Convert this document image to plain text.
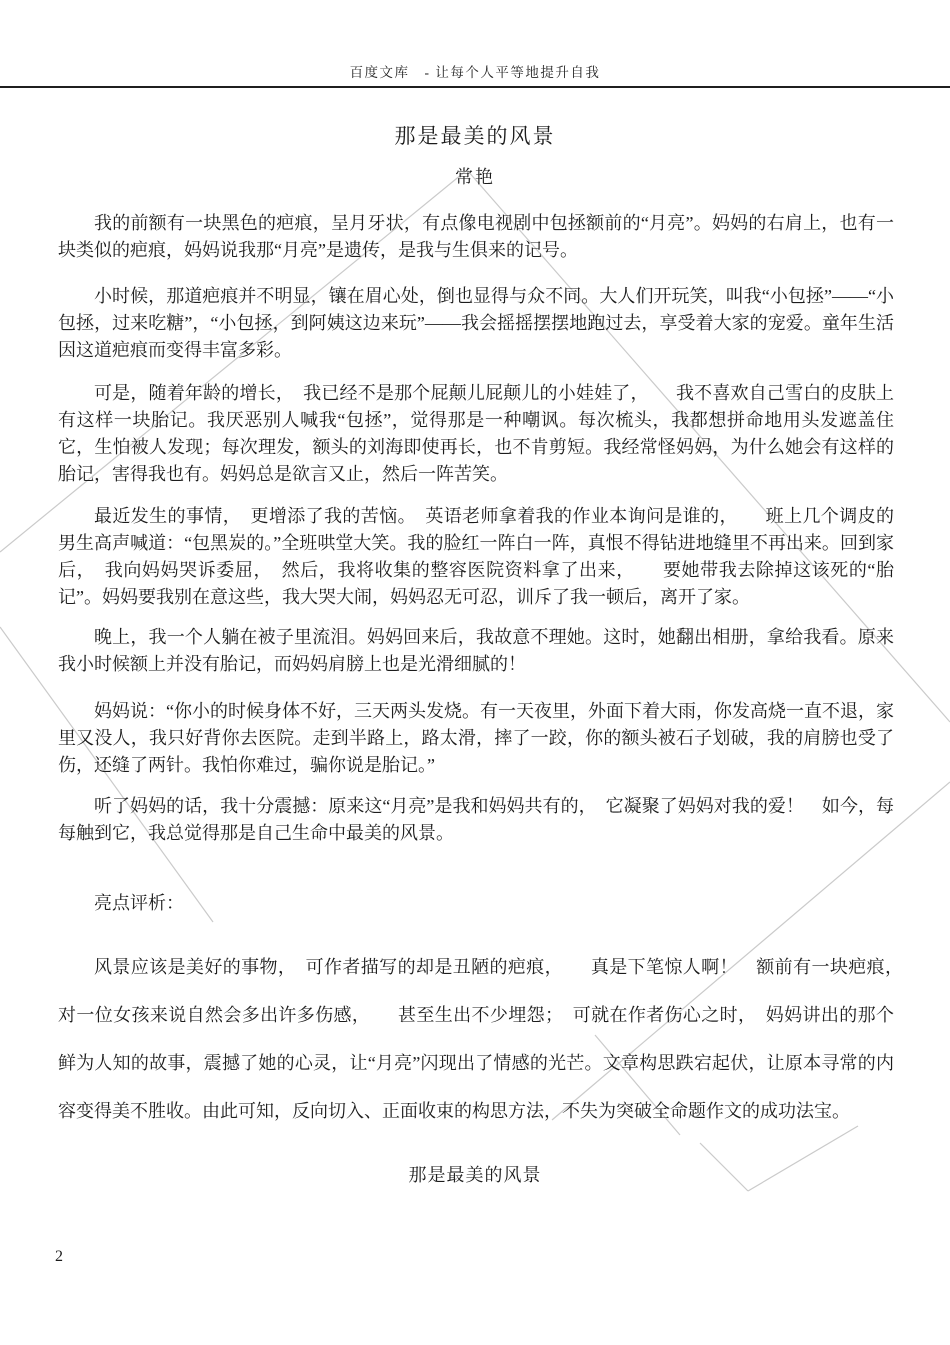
百度文库　- 让每个人平等地提升自我
那是最美的风景
常艳
我的前额有一块黑色的疤痕，呈月牙状，有点像电视剧中包拯额前的“月亮”。妈妈的右肩上，也有一块类似的疤痕，妈妈说我那“月亮”是遗传，是我与生俱来的记号。
小时候，那道疤痕并不明显，镶在眉心处，倒也显得与众不同。大人们开玩笑，叫我“小包拯”——“小包拯，过来吃糖”，“小包拯，到阿姨这边来玩”——我会摇摇摆摆地跑过去，享受着大家的宠爱。童年生活因这道疤痕而变得丰富多彩。
可是，随着年龄的增长，　我已经不是那个屁颠儿屁颠儿的小娃娃了，　　我不喜欢自己雪白的皮肤上有这样一块胎记。我厌恶别人喊我“包拯”，觉得那是一种嘲讽。每次梳头，我都想拼命地用头发遮盖住它，生怕被人发现；每次理发，额头的刘海即使再长，也不肯剪短。我经常怪妈妈，为什么她会有这样的胎记，害得我也有。妈妈总是欲言又止，然后一阵苦笑。
最近发生的事情，　更增添了我的苦恼。　英语老师拿着我的作业本询问是谁的，　　班上几个调皮的男生高声喊道：“包黑炭的。”全班哄堂大笑。我的脸红一阵白一阵，真恨不得钻进地缝里不再出来。回到家后，　我向妈妈哭诉委屈，　然后，我将收集的整容医院资料拿了出来，　　要她带我去除掉这该死的“胎记”。妈妈要我别在意这些，我大哭大闹，妈妈忍无可忍，训斥了我一顿后，离开了家。
晚上，我一个人躺在被子里流泪。妈妈回来后，我故意不理她。这时，她翻出相册，拿给我看。原来我小时候额上并没有胎记，而妈妈肩膀上也是光滑细腻的！
妈妈说：“你小的时候身体不好，三天两头发烧。有一天夜里，外面下着大雨，你发高烧一直不退，家里又没人，我只好背你去医院。走到半路上，路太滑，摔了一跤，你的额头被石子划破，我的肩膀也受了伤，还缝了两针。我怕你难过，骗你说是胎记。”
听了妈妈的话，我十分震撼：原来这“月亮”是我和妈妈共有的，　它凝聚了妈妈对我的爱！　如今，每每触到它，我总觉得那是自己生命中最美的风景。
亮点评析：
风景应该是美好的事物，　可作者描写的却是丑陋的疤痕，　　真是下笔惊人啊！　额前有一块疤痕，　对一位女孩来说自然会多出许多伤感，　　甚至生出不少埋怨；　可就在作者伤心之时，　妈妈讲出的那个鲜为人知的故事，震撼了她的心灵，让“月亮”闪现出了情感的光芒。文章构思跌宕起伏，让原本寻常的内容变得美不胜收。由此可知，反向切入、正面收束的构思方法，不失为突破全命题作文的成功法宝。
那是最美的风景
2
